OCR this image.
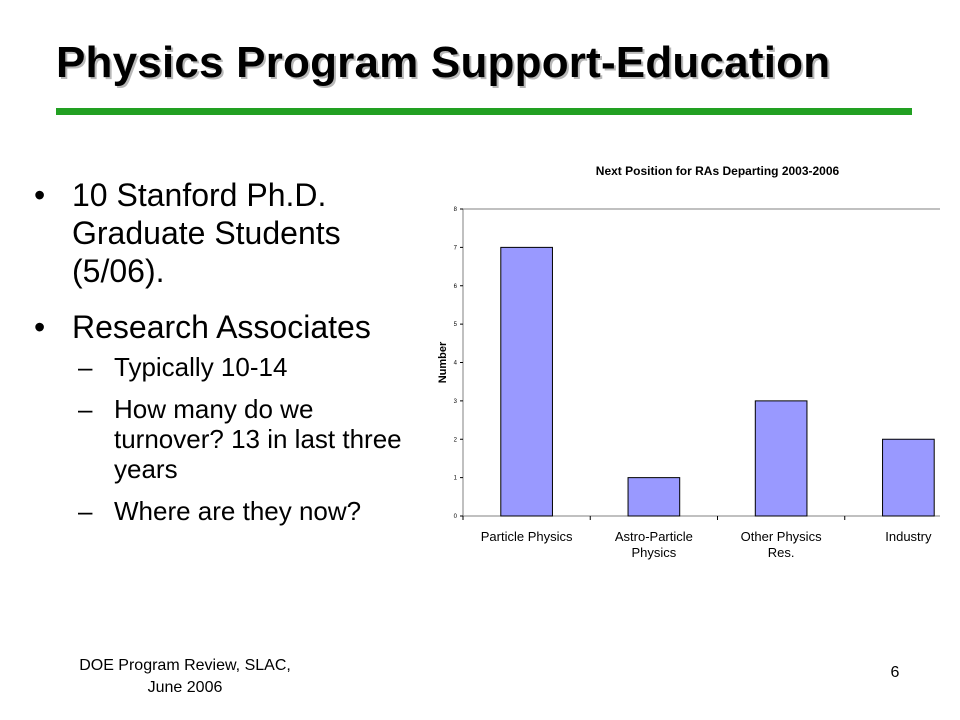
Physics Program Support-Education
• 10 Stanford Ph.D. Graduate Students (5/06).
• Research Associates
– Typically 10-14
– How many do we turnover? 13 in last three years
– Where are they now?
Next Position for RAs Departing 2003-2006
Number
0
1
2
3
4
5
6
7
8
Particle Physics	Astro-Particle
Physics
Other Physics
Res.
Industry
DOE Program Review, SLAC,
June 2006
6
